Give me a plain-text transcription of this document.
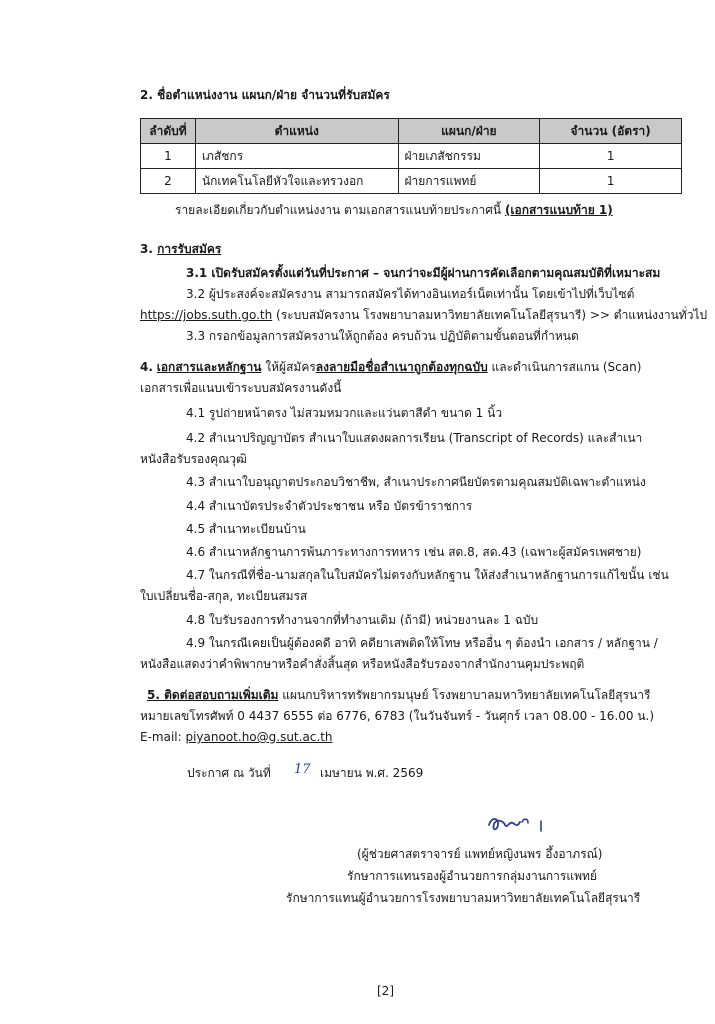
2. ชื่อตำแหน่งงาน แผนก/ฝ่าย จำนวนที่รับสมัคร
ลำดับที่	ตำแหน่ง	แผนก/ฝ่าย	จำนวน (อัตรา)
1	เภสัชกร	ฝ่ายเภสัชกรรม	1
2	นักเทคโนโลยีหัวใจและทรวงอก	ฝ่ายการแพทย์	1
รายละเอียดเกี่ยวกับตำแหน่งงาน ตามเอกสารแนบท้ายประกาศนี้ (เอกสารแนบท้าย 1)
3. การรับสมัคร
3.1 เปิดรับสมัครตั้งแต่วันที่ประกาศ – จนกว่าจะมีผู้ผ่านการคัดเลือกตามคุณสมบัติที่เหมาะสม
3.2 ผู้ประสงค์จะสมัครงาน สามารถสมัครได้ทางอินเทอร์เน็ตเท่านั้น โดยเข้าไปที่เว็บไซต์
https://jobs.suth.go.th (ระบบสมัครงาน โรงพยาบาลมหาวิทยาลัยเทคโนโลยีสุรนารี) >> ตำแหน่งงานทั่วไป
3.3 กรอกข้อมูลการสมัครงานให้ถูกต้อง ครบถ้วน ปฏิบัติตามขั้นตอนที่กำหนด
4. เอกสารและหลักฐาน ให้ผู้สมัครลงลายมือชื่อสำเนาถูกต้องทุกฉบับ และดำเนินการสแกน (Scan)
เอกสารเพื่อแนบเข้าระบบสมัครงานดังนี้
4.1 รูปถ่ายหน้าตรง ไม่สวมหมวกและแว่นตาสีดำ ขนาด 1 นิ้ว
4.2 สำเนาปริญญาบัตร สำเนาใบแสดงผลการเรียน (Transcript of Records) และสำเนา
หนังสือรับรองคุณวุฒิ
4.3 สำเนาใบอนุญาตประกอบวิชาชีพ, สำเนาประกาศนียบัตรตามคุณสมบัติเฉพาะตำแหน่ง
4.4 สำเนาบัตรประจำตัวประชาชน หรือ บัตรข้าราชการ
4.5 สำเนาทะเบียนบ้าน
4.6 สำเนาหลักฐานการพ้นภาระทางการทหาร เช่น สด.8, สด.43 (เฉพาะผู้สมัครเพศชาย)
4.7 ในกรณีที่ชื่อ-นามสกุลในใบสมัครไม่ตรงกับหลักฐาน ให้ส่งสำเนาหลักฐานการแก้ไขนั้น เช่น
ใบเปลี่ยนชื่อ-สกุล, ทะเบียนสมรส
4.8 ใบรับรองการทำงานจากที่ทำงานเดิม (ถ้ามี) หน่วยงานละ 1 ฉบับ
4.9 ในกรณีเคยเป็นผู้ต้องคดี อาทิ คดียาเสพติดให้โทษ หรืออื่น ๆ ต้องนำ เอกสาร / หลักฐาน /
หนังสือแสดงว่าคำพิพากษาหรือคำสั่งสิ้นสุด หรือหนังสือรับรองจากสำนักงานคุมประพฤติ
5. ติดต่อสอบถามเพิ่มเติม แผนกบริหารทรัพยากรมนุษย์ โรงพยาบาลมหาวิทยาลัยเทคโนโลยีสุรนารี
หมายเลขโทรศัพท์ 0 4437 6555 ต่อ 6776, 6783 (ในวันจันทร์ - วันศุกร์ เวลา 08.00 - 16.00 น.)
E-mail: piyanoot.ho@g.sut.ac.th
ประกาศ ณ วันที่ 17 เมษายน พ.ศ. 2569
(ผู้ช่วยศาสตราจารย์ แพทย์หญิงนพร อึ้งอาภรณ์)
รักษาการแทนรองผู้อำนวยการกลุ่มงานการแพทย์
รักษาการแทนผู้อำนวยการโรงพยาบาลมหาวิทยาลัยเทคโนโลยีสุรนารี
[2]
